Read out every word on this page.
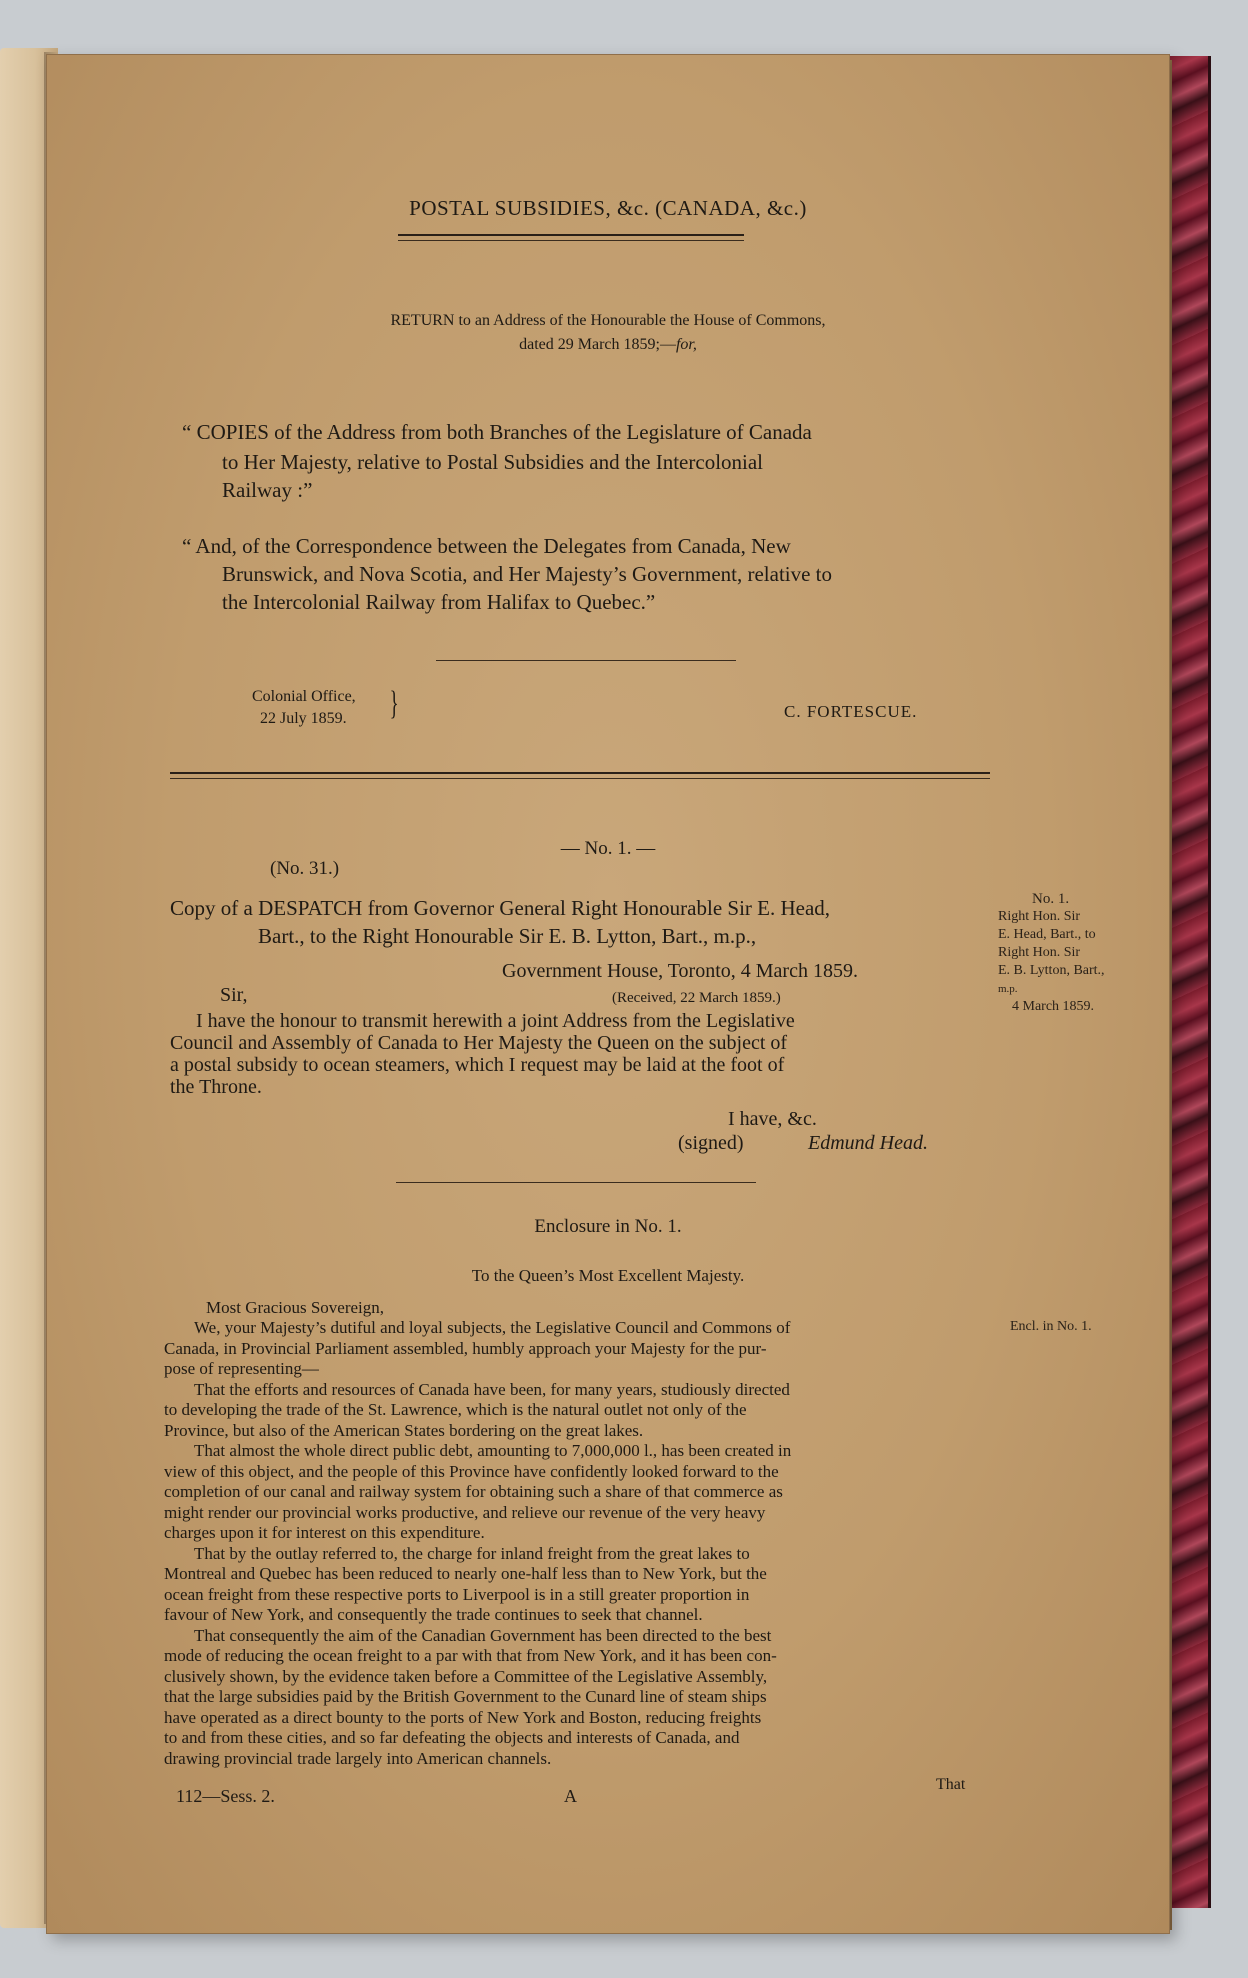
POSTAL SUBSIDIES, &c. (CANADA, &c.)
RETURN to an Address of the Honourable the House of Commons,
dated 29 March 1859;—for,
“ COPIES of the Address from both Branches of the Legislature of Canada
to Her Majesty, relative to Postal Subsidies and the Intercolonial
Railway :”
“ And, of the Correspondence between the Delegates from Canada, New
Brunswick, and Nova Scotia, and Her Majesty’s Government, relative to
the Intercolonial Railway from Halifax to Quebec.”
Colonial Office,
22 July 1859. }	C. FORTESCUE.
— No. 1. —
(No. 31.)
Copy of a DESPATCH from Governor General Right Honourable Sir E. Head,
Bart., to the Right Honourable Sir E. B. Lytton, Bart., m.p.,
Government House, Toronto, 4 March 1859.
Sir,	(Received, 22 March 1859.)
I have the honour to transmit herewith a joint Address from the Legislative
Council and Assembly of Canada to Her Majesty the Queen on the subject of
a postal subsidy to ocean steamers, which I request may be laid at the foot of
the Throne.
I have, &c.
(signed)	Edmund Head.
No. 1.
Right Hon. Sir
E. Head, Bart., to
Right Hon. Sir
E. B. Lytton, Bart.,
m.p.
4 March 1859.
Enclosure in No. 1.
To the Queen’s Most Excellent Majesty.
Most Gracious Sovereign,
Encl. in No. 1.
We, your Majesty’s dutiful and loyal subjects, the Legislative Council and Commons of
Canada, in Provincial Parliament assembled, humbly approach your Majesty for the pur-
pose of representing—
That the efforts and resources of Canada have been, for many years, studiously directed
to developing the trade of the St. Lawrence, which is the natural outlet not only of the
Province, but also of the American States bordering on the great lakes.
That almost the whole direct public debt, amounting to 7,000,000 l., has been created in
view of this object, and the people of this Province have confidently looked forward to the
completion of our canal and railway system for obtaining such a share of that commerce as
might render our provincial works productive, and relieve our revenue of the very heavy
charges upon it for interest on this expenditure.
That by the outlay referred to, the charge for inland freight from the great lakes to
Montreal and Quebec has been reduced to nearly one-half less than to New York, but the
ocean freight from these respective ports to Liverpool is in a still greater proportion in
favour of New York, and consequently the trade continues to seek that channel.
That consequently the aim of the Canadian Government has been directed to the best
mode of reducing the ocean freight to a par with that from New York, and it has been con-
clusively shown, by the evidence taken before a Committee of the Legislative Assembly,
that the large subsidies paid by the British Government to the Cunard line of steam ships
have operated as a direct bounty to the ports of New York and Boston, reducing freights
to and from these cities, and so far defeating the objects and interests of Canada, and
drawing provincial trade largely into American channels.
112—Sess. 2.	A
That
